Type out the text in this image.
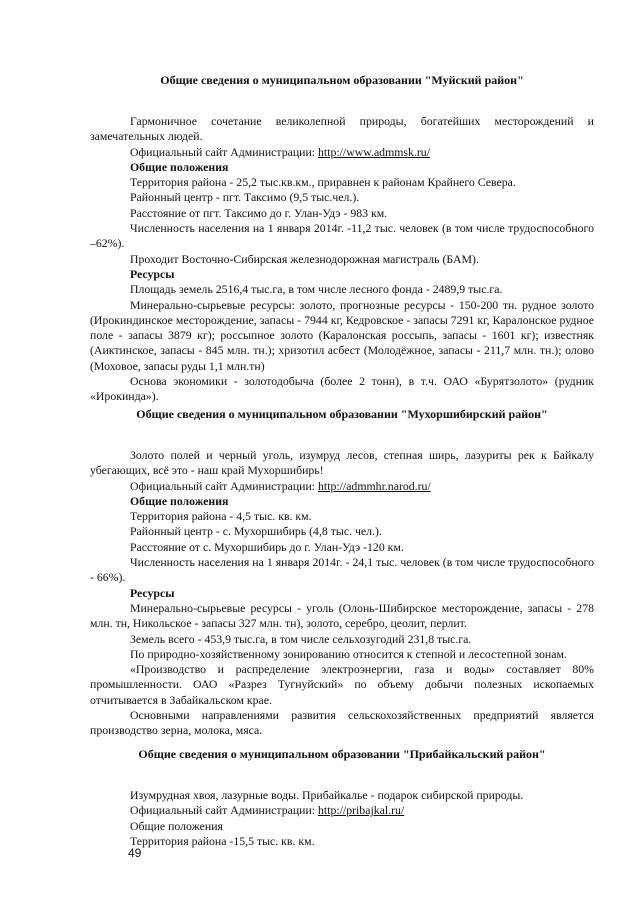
Общие сведения о муниципальном образовании "Муйский район"

Гармоничное сочетание великолепной природы, богатейших месторождений и замечательных людей.

Официальный сайт Администрации: http://www.admmsk.ru/

Общие положения

Территория района - 25,2 тыс.кв.км., приравнен к районам Крайнего Севера.

Районный центр - пгт. Таксимо (9,5 тыс.чел.).

Расстояние от пгт. Таксимо до г. Улан-Удэ - 983 км.

Численность населения на 1 января 2014г. -11,2 тыс. человек (в том числе трудоспособного –62%).

Проходит Восточно-Сибирская железнодорожная магистраль (БАМ).

Ресурсы

Площадь земель 2516,4 тыс.га, в том числе лесного фонда - 2489,9 тыс.га.

Минерально-сырьевые ресурсы: золото, прогнозные ресурсы - 150-200 тн. рудное золото (Ирокиндинское месторождение, запасы - 7944 кг, Кедровское - запасы 7291 кг, Каралонское рудное поле - запасы 3879 кг); россыпное золото (Каралонская россыпь, запасы - 1601 кг); известняк (Аиктинское, запасы - 845 млн. тн.); хризотил асбест (Молодёжное, запасы - 211,7 млн. тн.); олово (Моховое, запасы руды 1,1 млн.тн)

Основа экономики - золотодобыча (более 2 тонн), в т.ч. ОАО «Бурятзолото» (рудник «Ирокинда»).

Общие сведения о муниципальном образовании "Мухоршибирский район"

Золото полей и черный уголь, изумруд лесов, степная ширь, лазуриты рек к Байкалу убегающих, всё это - наш край Мухоршибирь!

Официальный сайт Администрации: http://admmhr.narod.ru/

Общие положения

Территория района - 4,5 тыс. кв. км.

Районный центр - с. Мухоршибирь (4,8 тыс. чел.).

Расстояние от с. Мухоршибирь до г. Улан-Удэ -120 км.

Численность населения на 1 января 2014г. - 24,1 тыс. человек (в том числе трудоспособного - 66%).

Ресурсы

Минерально-сырьевые ресурсы - уголь (Олонь-Шибирское месторождение, запасы - 278 млн. тн, Никольское - запасы 327 млн. тн), золото, серебро, цеолит, перлит.

Земель всего - 453,9 тыс.га, в том числе сельхозугодий 231,8 тыс.га.

По природно-хозяйственному зонированию относится к степной и лесостепной зонам.

«Производство и распределение электроэнергии, газа и воды» составляет 80% промышленности. ОАО «Разрез Тугнуйский» по объему добычи полезных ископаемых отчитывается в Забайкальском крае.

Основными направлениями развития сельскохозяйственных предприятий является производство зерна, молока, мяса.

Общие сведения о муниципальном образовании "Прибайкальский район"

Изумрудная хвоя, лазурные воды. Прибайкалье - подарок сибирской природы.

Официальный сайт Администрации: http://pribajkal.ru/

Общие положения

Территория района -15,5 тыс. кв. км.

49
